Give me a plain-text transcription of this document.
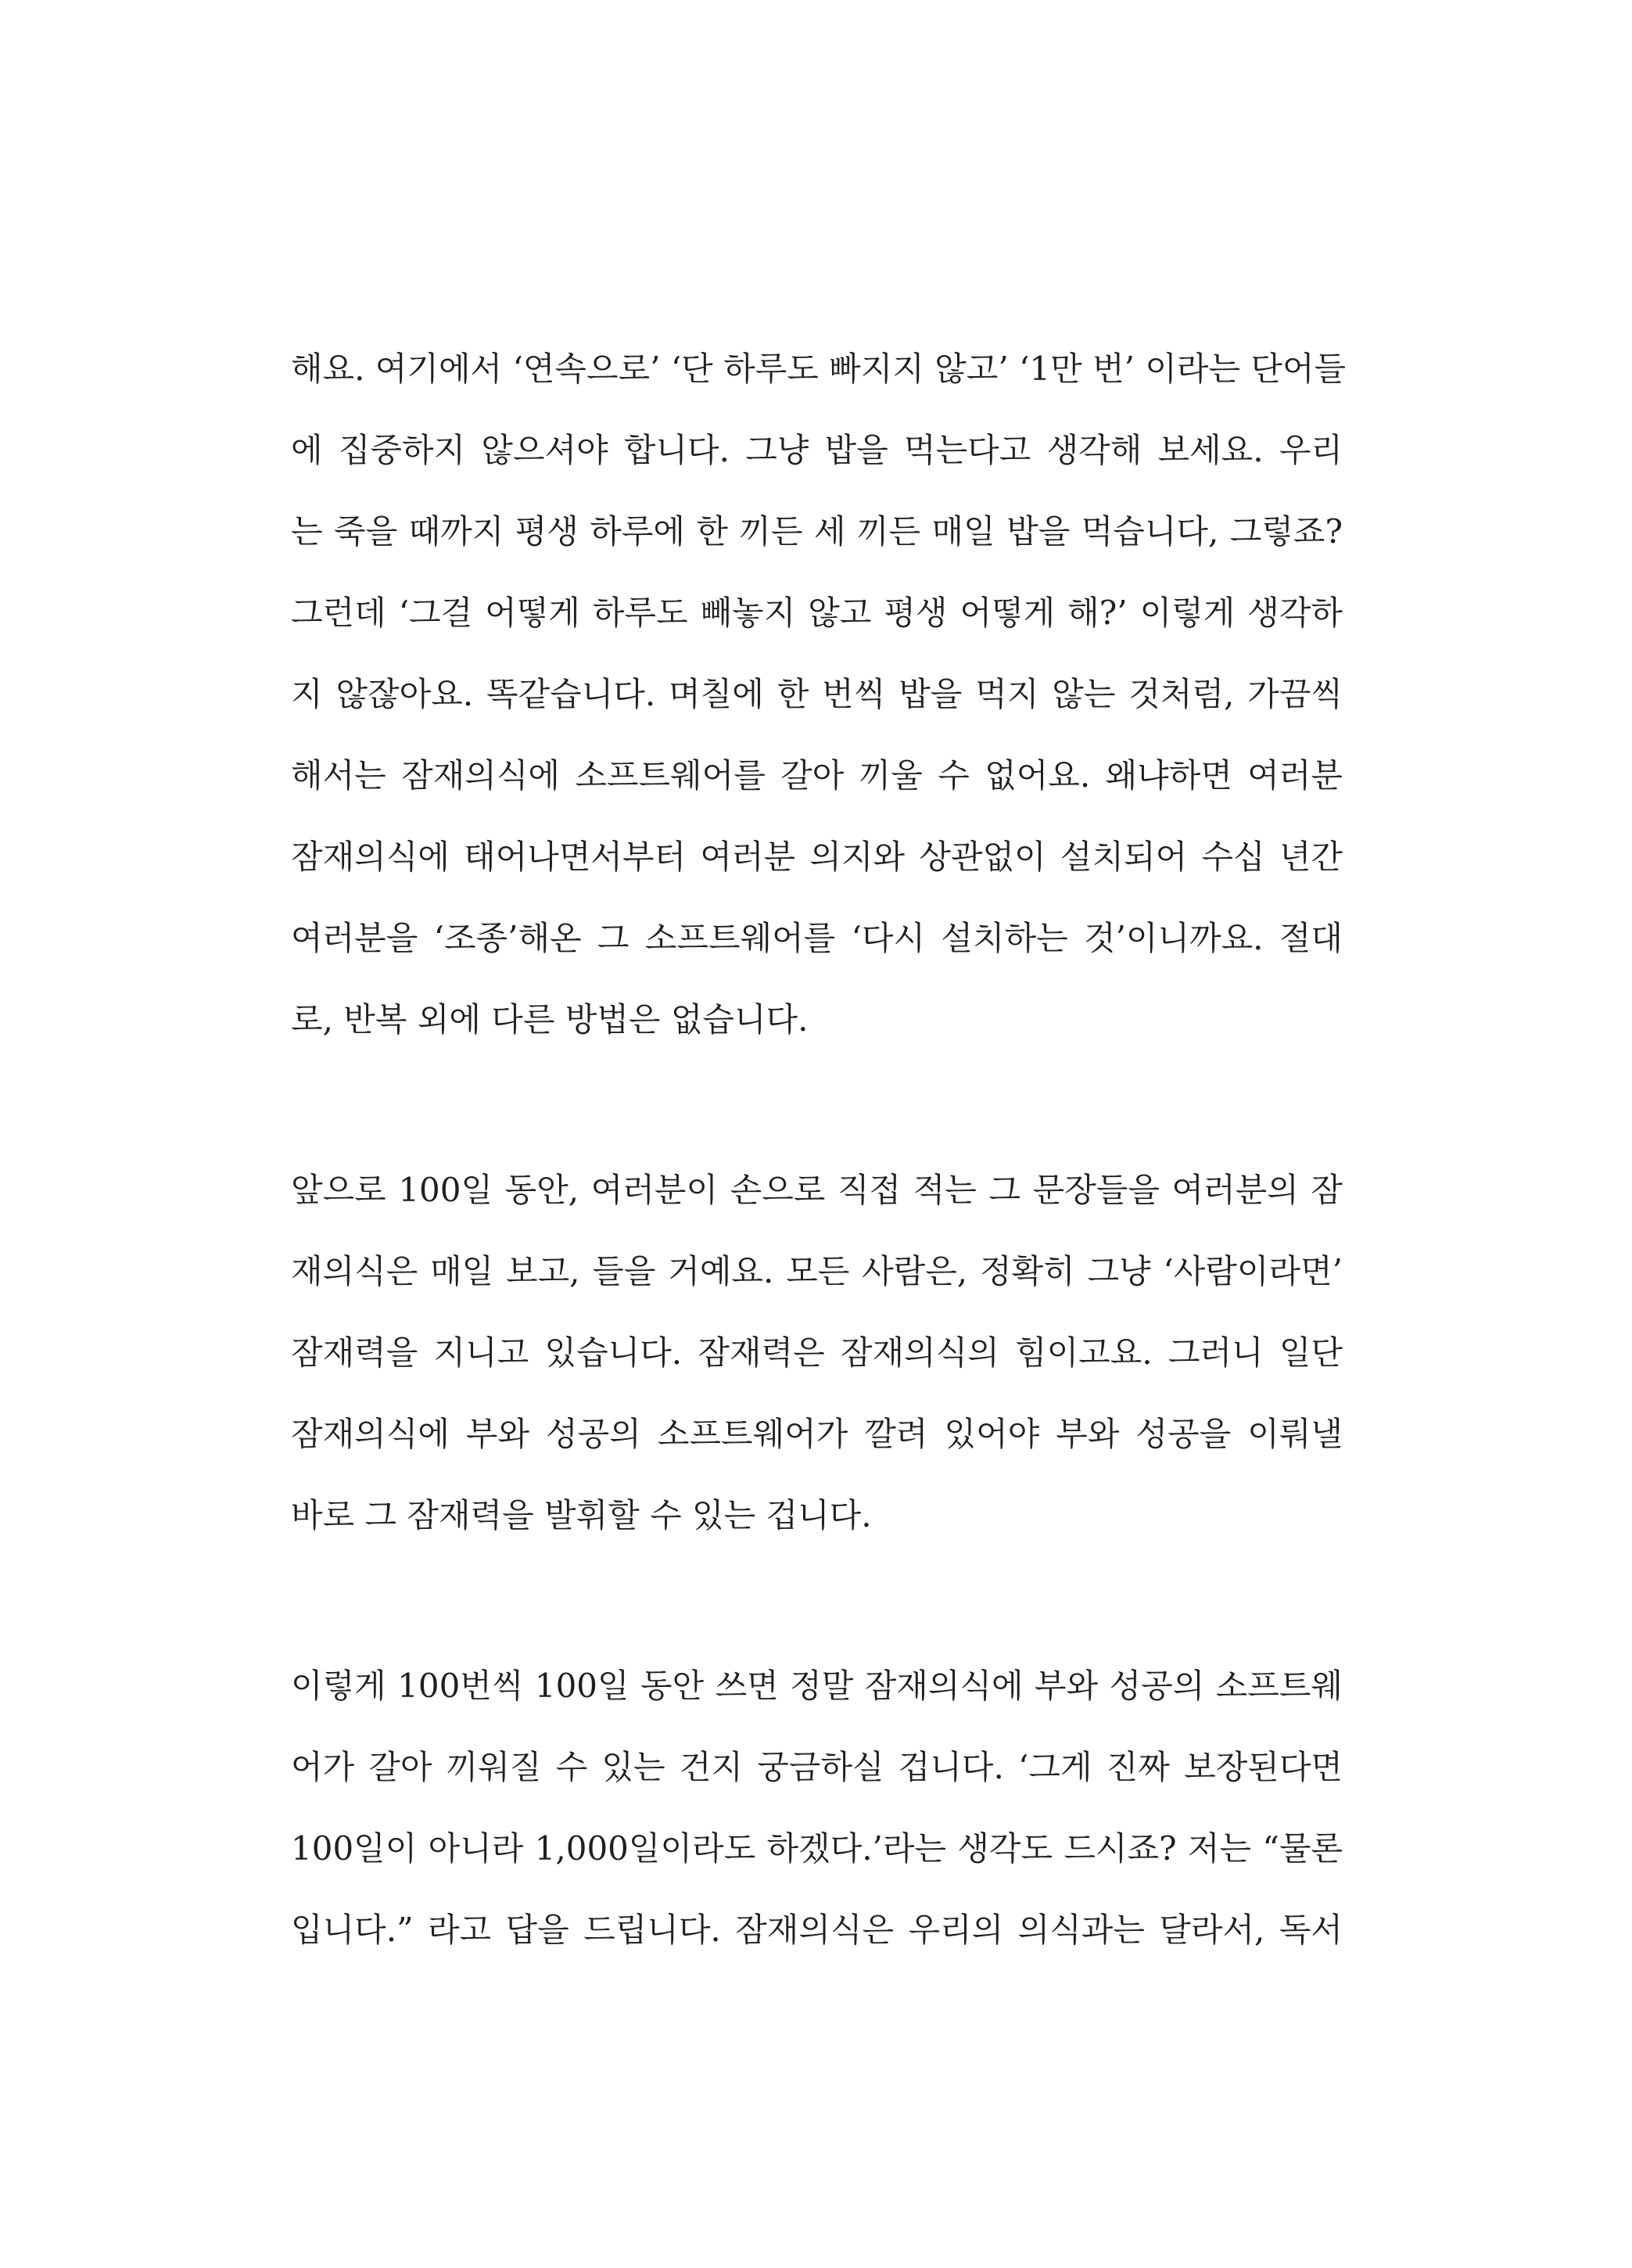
해요. 여기에서 ‘연속으로’ ‘단 하루도 빠지지 않고’ ‘1만 번’ 이라는 단어들
에 집중하지 않으셔야 합니다. 그냥 밥을 먹는다고 생각해 보세요. 우리
는 죽을 때까지 평생 하루에 한 끼든 세 끼든 매일 밥을 먹습니다, 그렇죠?
그런데 ‘그걸 어떻게 하루도 빼놓지 않고 평생 어떻게 해?’ 이렇게 생각하
지 않잖아요. 똑같습니다. 며칠에 한 번씩 밥을 먹지 않는 것처럼, 가끔씩
해서는 잠재의식에 소프트웨어를 갈아 끼울 수 없어요. 왜냐하면 여러분
잠재의식에 태어나면서부터 여러분 의지와 상관없이 설치되어 수십 년간
여러분을 ‘조종’해온 그 소프트웨어를 ‘다시 설치하는 것’이니까요. 절대
로, 반복 외에 다른 방법은 없습니다.
앞으로 100일 동안, 여러분이 손으로 직접 적는 그 문장들을 여러분의 잠
재의식은 매일 보고, 들을 거예요. 모든 사람은, 정확히 그냥 ‘사람이라면’
잠재력을 지니고 있습니다. 잠재력은 잠재의식의 힘이고요. 그러니 일단
잠재의식에 부와 성공의 소프트웨어가 깔려 있어야 부와 성공을 이뤄낼
바로 그 잠재력을 발휘할 수 있는 겁니다.
이렇게 100번씩 100일 동안 쓰면 정말 잠재의식에 부와 성공의 소프트웨
어가 갈아 끼워질 수 있는 건지 궁금하실 겁니다. ‘그게 진짜 보장된다면
100일이 아니라 1,000일이라도 하겠다.’라는 생각도 드시죠? 저는 “물론
입니다.” 라고 답을 드립니다. 잠재의식은 우리의 의식과는 달라서, 독서
